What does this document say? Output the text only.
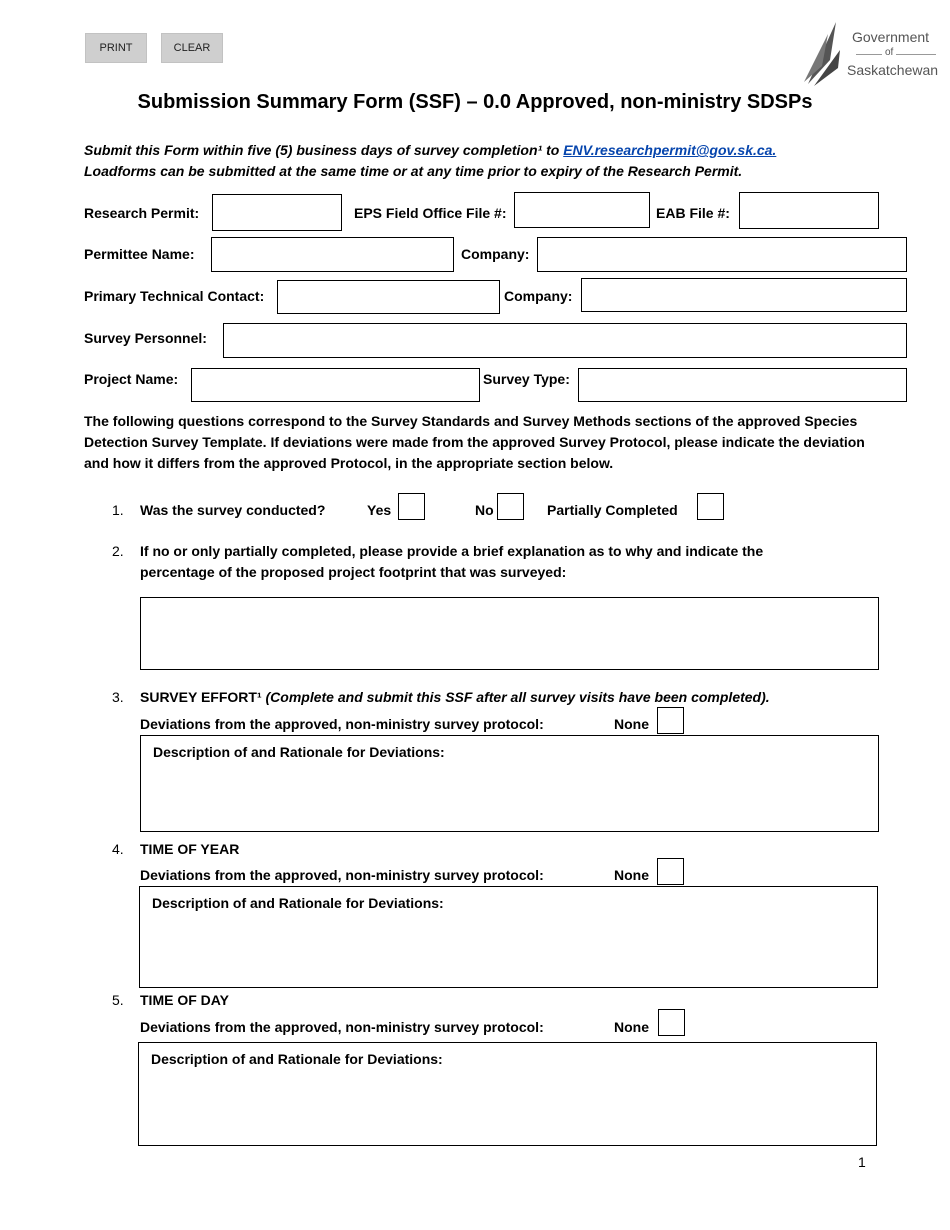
PRINT	CLEAR
Government
of
Saskatchewan
Submission Summary Form (SSF) – 0.0 Approved, non-ministry SDSPs
Submit this Form within five (5) business days of survey completion¹ to ENV.researchpermit@gov.sk.ca.
Loadforms can be submitted at the same time or at any time prior to expiry of the Research Permit.
Research Permit:	EPS Field Office File #:	EAB File #:
Permittee Name:	Company:
Primary Technical Contact:	Company:
Survey Personnel:
Project Name:	Survey Type:
The following questions correspond to the Survey Standards and Survey Methods sections of the approved Species Detection Survey Template. If deviations were made from the approved Survey Protocol, please indicate the deviation and how it differs from the approved Protocol, in the appropriate section below.
1. Was the survey conducted?	Yes	No	Partially Completed
2. If no or only partially completed, please provide a brief explanation as to why and indicate the
percentage of the proposed project footprint that was surveyed:
3. SURVEY EFFORT¹ (Complete and submit this SSF after all survey visits have been completed).
Deviations from the approved, non-ministry survey protocol:	None
Description of and Rationale for Deviations:
4. TIME OF YEAR
Deviations from the approved, non-ministry survey protocol:	None
Description of and Rationale for Deviations:
5. TIME OF DAY
Deviations from the approved, non-ministry survey protocol:	None
Description of and Rationale for Deviations:
1
